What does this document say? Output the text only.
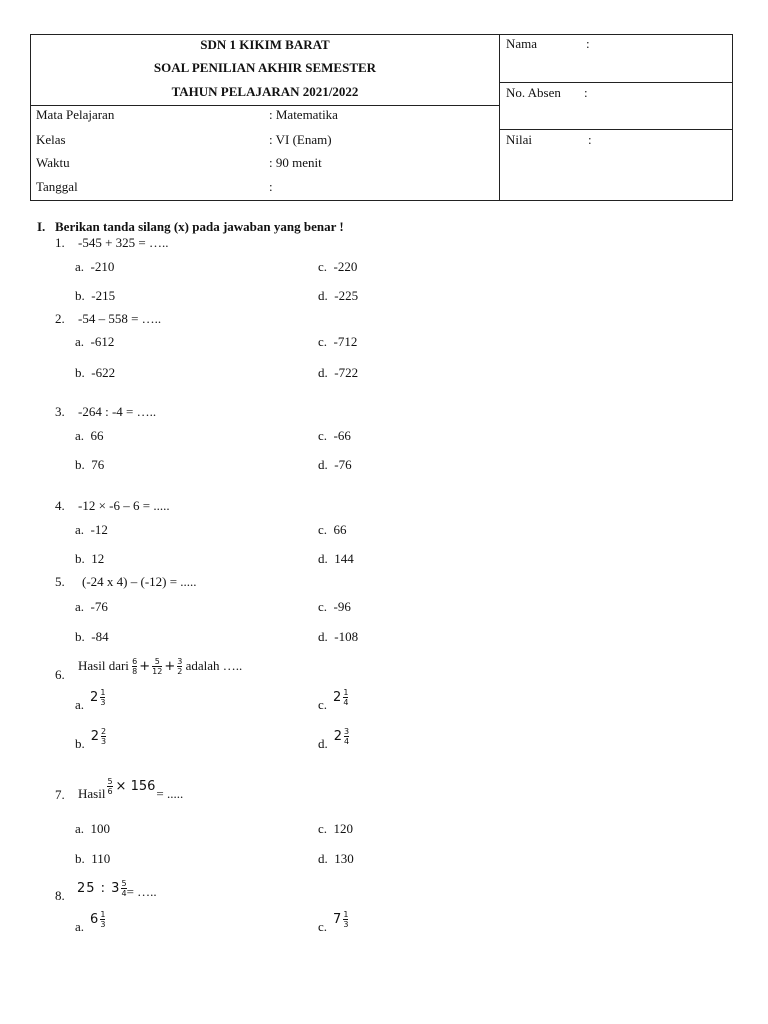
SDN 1 KIKIM BARAT
SOAL PENILIAN AKHIR SEMESTER
TAHUN PELAJARAN 2021/2022
Mata Pelajaran	: Matematika
Kelas	: VI (Enam)
Waktu	: 90 menit
Tanggal	:
Nama	:
No. Absen :
Nilai	:
I. Berikan tanda silang (x) pada jawaban yang benar !
1. -545 + 325 = …..
a. -210	c. -220
b. -215	d. -225
2. -54 – 558 = …..
a. -612	c. -712
b. -622	d. -722
3. -264 : -4 = …..
a. 66	c. -66
b. 76	d. -76
4. -12 × -6 – 6 = .....
a. -12	c. 66
b. 12	d. 144
5. (-24 x 4) – (-12) = .....
a. -76	c. -96
b. -84	d. -108
6.
Hasil dari
$\frac{6}{8} + \frac{5}{12} + \frac{3}{2}$
adalah …..
a. $2 \frac{1}{3}$	c. $2 \frac{1}{4}$
b. $2 \frac{2}{3}$	d. $2 \frac{3}{4}$
7. Hasil $\frac{5}{6} \times 156$ = .....
a. 100	c. 120
b. 110	d. 130
8. 25 : $3 \frac{5}{4}$ = …..
a. $6 \frac{1}{3}$	c. $7 \frac{1}{3}$
